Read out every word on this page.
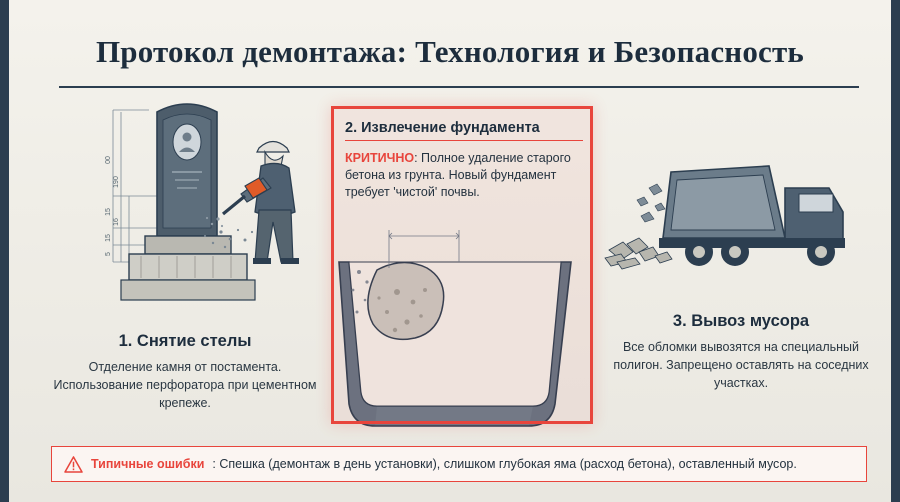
Протокол демонтажа: Технология и Безопасность
00
190
15
16
15
5
2. Извлечение фундамента
КРИТИЧНО: Полное удаление старого бетона из грунта. Новый фундамент требует 'чистой' почвы.
1. Снятие стелы
Отделение камня от постамента. Использование перфоратора при цементном крепеже.
3. Вывоз мусора
Все обломки вывозятся на специальный полигон. Запрещено оставлять на соседних участках.
Типичные ошибки : Спешка (демонтаж в день установки), слишком глубокая яма (расход бетона), оставленный мусор.
